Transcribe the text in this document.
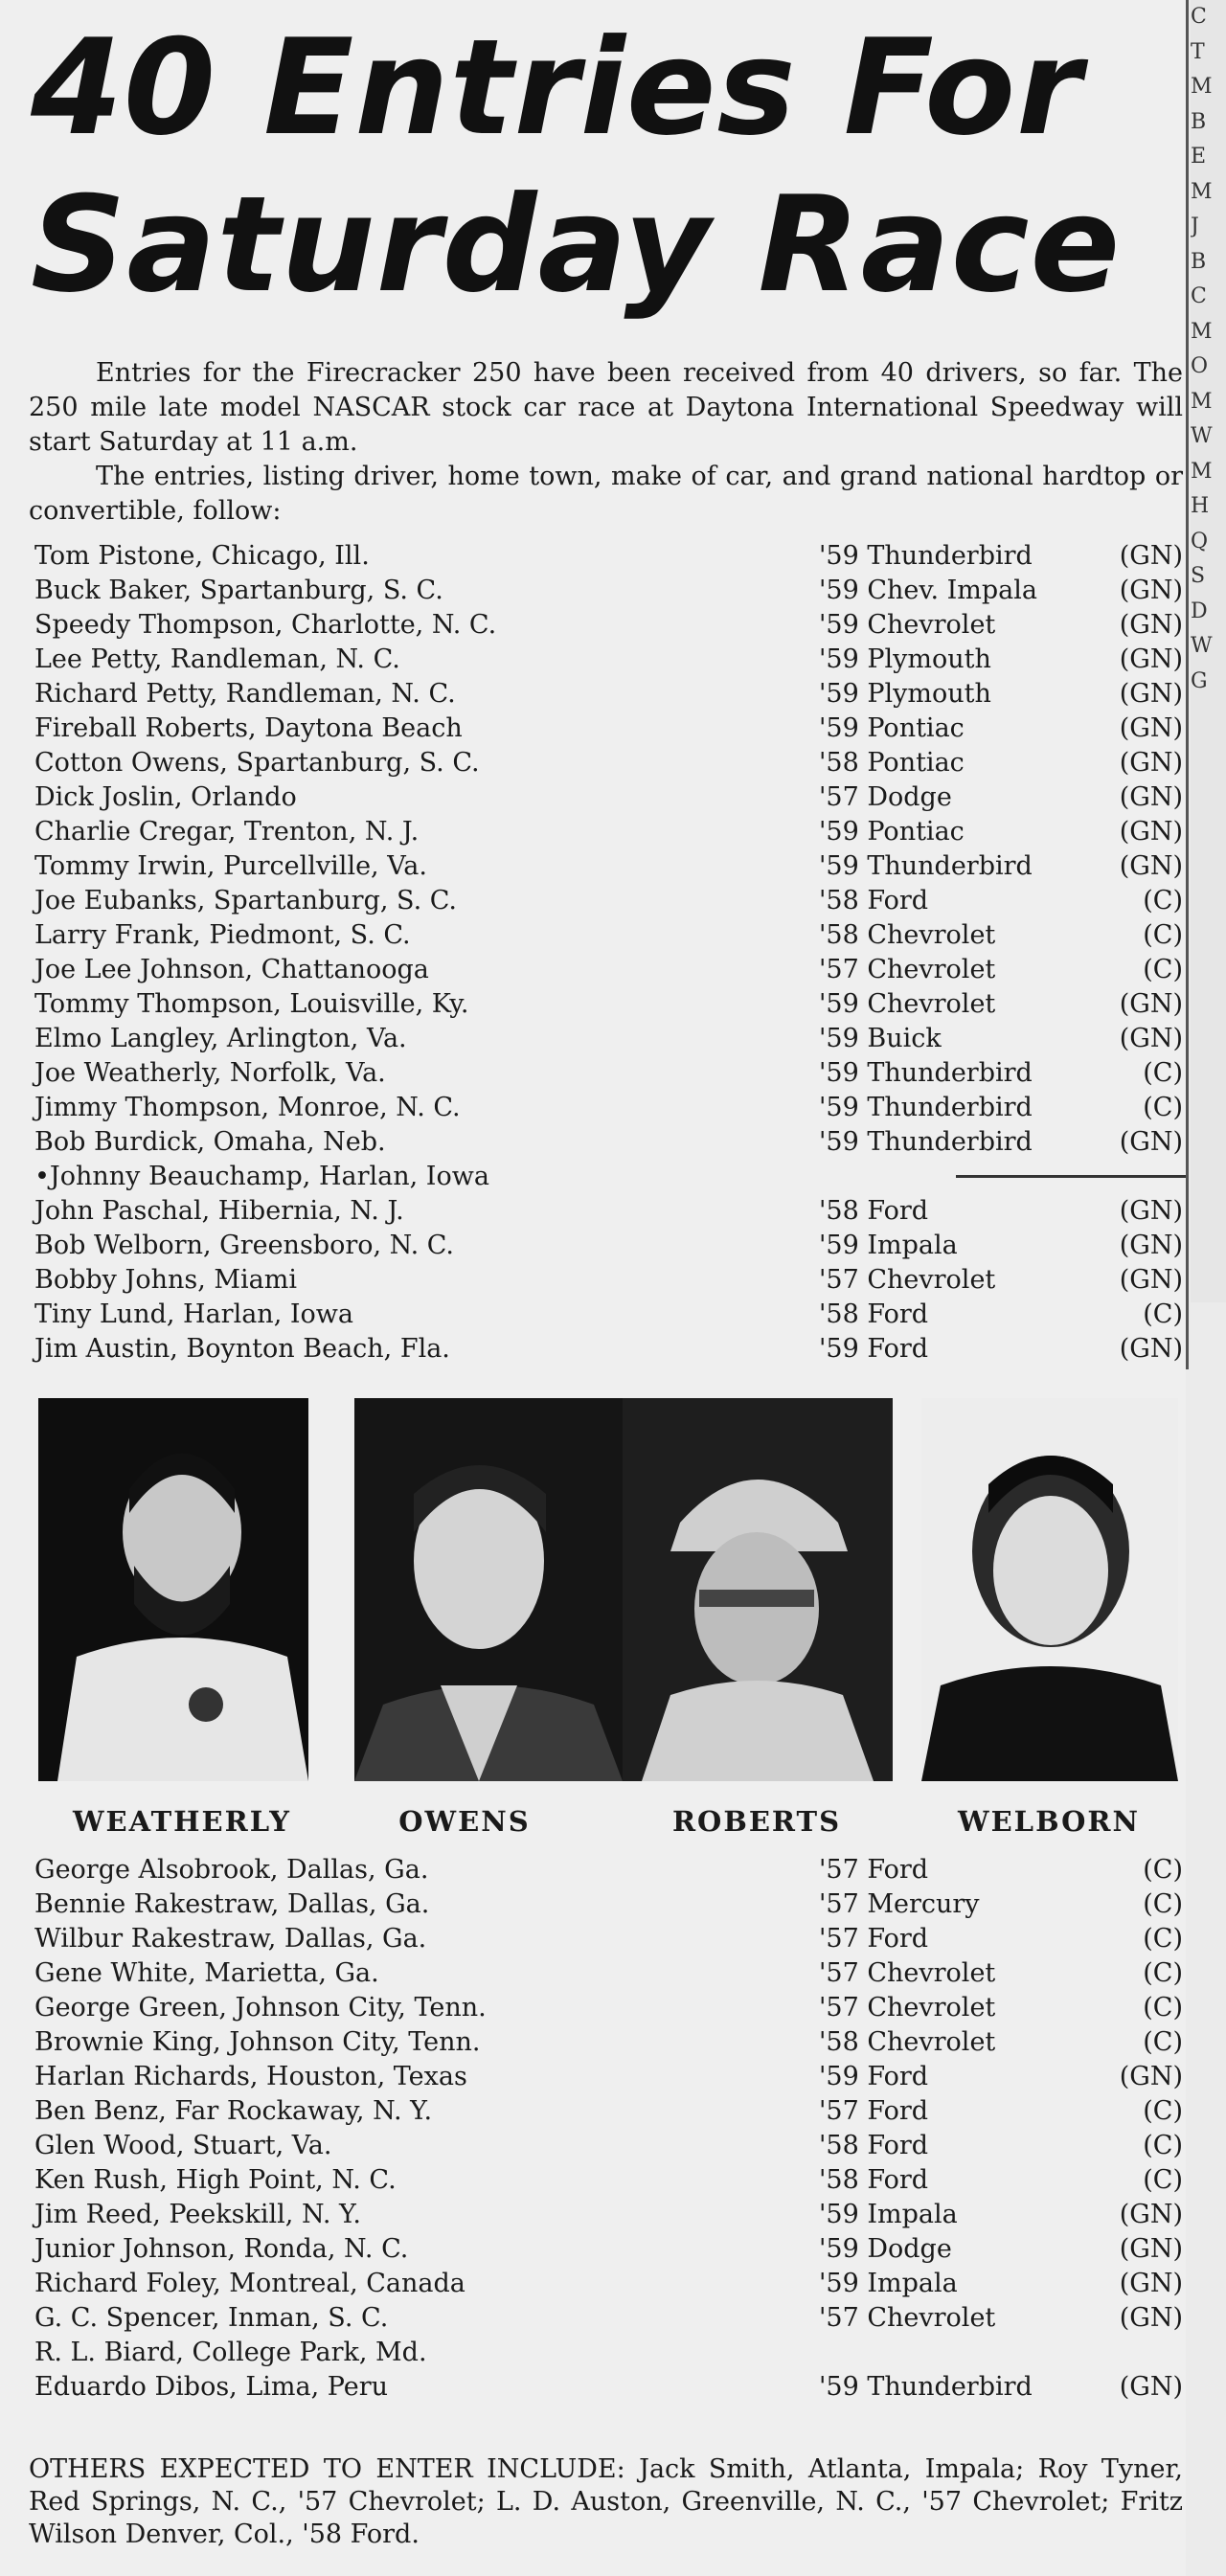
C
T
M
B
E
M
J
B
C
M
O
M
W
M
H
Q
S
D
W
G
40 Entries For
Saturday Race

Entries for the Firecracker 250 have been received from 40 drivers, so far. The 250 mile late model NASCAR stock car race at Daytona International Speedway will start Saturday at 11 a.m.

The entries, listing driver, home town, make of car, and grand national hardtop or convertible, follow:

Tom Pistone, Chicago, Ill.	'59 Thunderbird	(GN)
Buck Baker, Spartanburg, S. C.	'59 Chev. Impala	(GN)
Speedy Thompson, Charlotte, N. C.	'59 Chevrolet	(GN)
Lee Petty, Randleman, N. C.	'59 Plymouth	(GN)
Richard Petty, Randleman, N. C.	'59 Plymouth	(GN)
Fireball Roberts, Daytona Beach	'59 Pontiac	(GN)
Cotton Owens, Spartanburg, S. C.	'58 Pontiac	(GN)
Dick Joslin, Orlando	'57 Dodge	(GN)
Charlie Cregar, Trenton, N. J.	'59 Pontiac	(GN)
Tommy Irwin, Purcellville, Va.	'59 Thunderbird	(GN)
Joe Eubanks, Spartanburg, S. C.	'58 Ford	(C)
Larry Frank, Piedmont, S. C.	'58 Chevrolet	(C)
Joe Lee Johnson, Chattanooga	'57 Chevrolet	(C)
Tommy Thompson, Louisville, Ky.	'59 Chevrolet	(GN)
Elmo Langley, Arlington, Va.	'59 Buick	(GN)
Joe Weatherly, Norfolk, Va.	'59 Thunderbird	(C)
Jimmy Thompson, Monroe, N. C.	'59 Thunderbird	(C)
Bob Burdick, Omaha, Neb.	'59 Thunderbird	(GN)
•Johnny Beauchamp, Harlan, Iowa
John Paschal, Hibernia, N. J.	'58 Ford	(GN)
Bob Welborn, Greensboro, N. C.	'59 Impala	(GN)
Bobby Johns, Miami	'57 Chevrolet	(GN)
Tiny Lund, Harlan, Iowa	'58 Ford	(C)
Jim Austin, Boynton Beach, Fla.	'59 Ford	(GN)
WEATHERLY	OWENS	ROBERTS	WELBORN
George Alsobrook, Dallas, Ga.	'57 Ford	(C)
Bennie Rakestraw, Dallas, Ga.	'57 Mercury	(C)
Wilbur Rakestraw, Dallas, Ga.	'57 Ford	(C)
Gene White, Marietta, Ga.	'57 Chevrolet	(C)
George Green, Johnson City, Tenn.	'57 Chevrolet	(C)
Brownie King, Johnson City, Tenn.	'58 Chevrolet	(C)
Harlan Richards, Houston, Texas	'59 Ford	(GN)
Ben Benz, Far Rockaway, N. Y.	'57 Ford	(C)
Glen Wood, Stuart, Va.	'58 Ford	(C)
Ken Rush, High Point, N. C.	'58 Ford	(C)
Jim Reed, Peekskill, N. Y.	'59 Impala	(GN)
Junior Johnson, Ronda, N. C.	'59 Dodge	(GN)
Richard Foley, Montreal, Canada	'59 Impala	(GN)
G. C. Spencer, Inman, S. C.	'57 Chevrolet	(GN)
R. L. Biard, College Park, Md.
Eduardo Dibos, Lima, Peru	'59 Thunderbird	(GN)

OTHERS EXPECTED TO ENTER INCLUDE: Jack Smith, Atlanta, Impala; Roy Tyner, Red Springs, N. C., '57 Chevrolet; L. D. Auston, Greenville, N. C., '57 Chevrolet; Fritz Wilson Denver, Col., '58 Ford.
